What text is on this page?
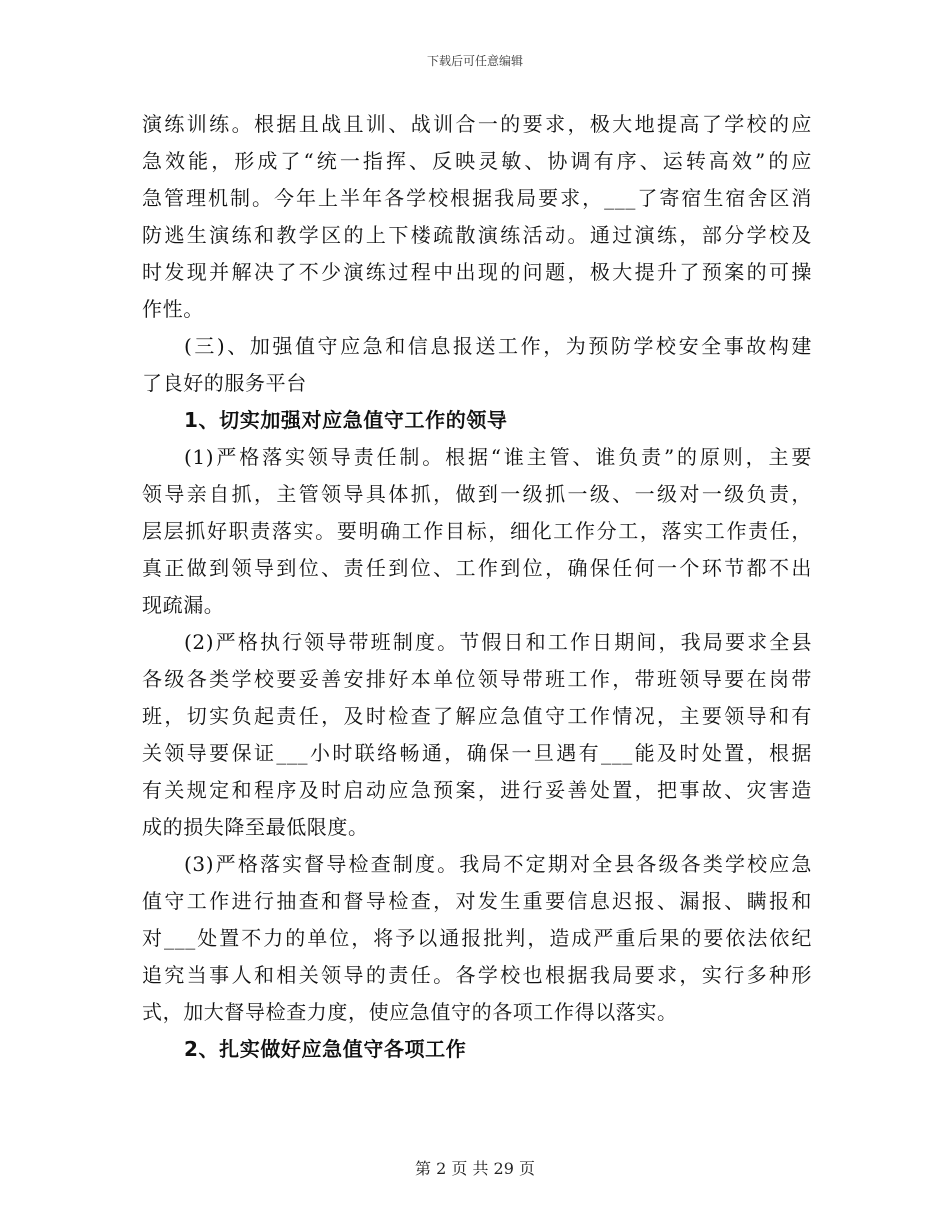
下载后可任意编辑
演练训练。根据且战且训、战训合一的要求，极大地提高了学校的应
急效能，形成了“统一指挥、反映灵敏、协调有序、运转高效”的应
急管理机制。今年上半年各学校根据我局要求，___了寄宿生宿舍区消
防逃生演练和教学区的上下楼疏散演练活动。通过演练，部分学校及
时发现并解决了不少演练过程中出现的问题，极大提升了预案的可操
作性。
(三)、加强值守应急和信息报送工作，为预防学校安全事故构建
了良好的服务平台
1、切实加强对应急值守工作的领导
(1)严格落实领导责任制。根据“谁主管、谁负责”的原则，主要
领导亲自抓，主管领导具体抓，做到一级抓一级、一级对一级负责，
层层抓好职责落实。要明确工作目标，细化工作分工，落实工作责任，
真正做到领导到位、责任到位、工作到位，确保任何一个环节都不出
现疏漏。
(2)严格执行领导带班制度。节假日和工作日期间，我局要求全县
各级各类学校要妥善安排好本单位领导带班工作，带班领导要在岗带
班，切实负起责任，及时检查了解应急值守工作情况，主要领导和有
关领导要保证___小时联络畅通，确保一旦遇有___能及时处置，根据
有关规定和程序及时启动应急预案，进行妥善处置，把事故、灾害造
成的损失降至最低限度。
(3)严格落实督导检查制度。我局不定期对全县各级各类学校应急
值守工作进行抽查和督导检查，对发生重要信息迟报、漏报、瞒报和
对___处置不力的单位，将予以通报批判，造成严重后果的要依法依纪
追究当事人和相关领导的责任。各学校也根据我局要求，实行多种形
式，加大督导检查力度，使应急值守的各项工作得以落实。
2、扎实做好应急值守各项工作
第 2 页 共 29 页
